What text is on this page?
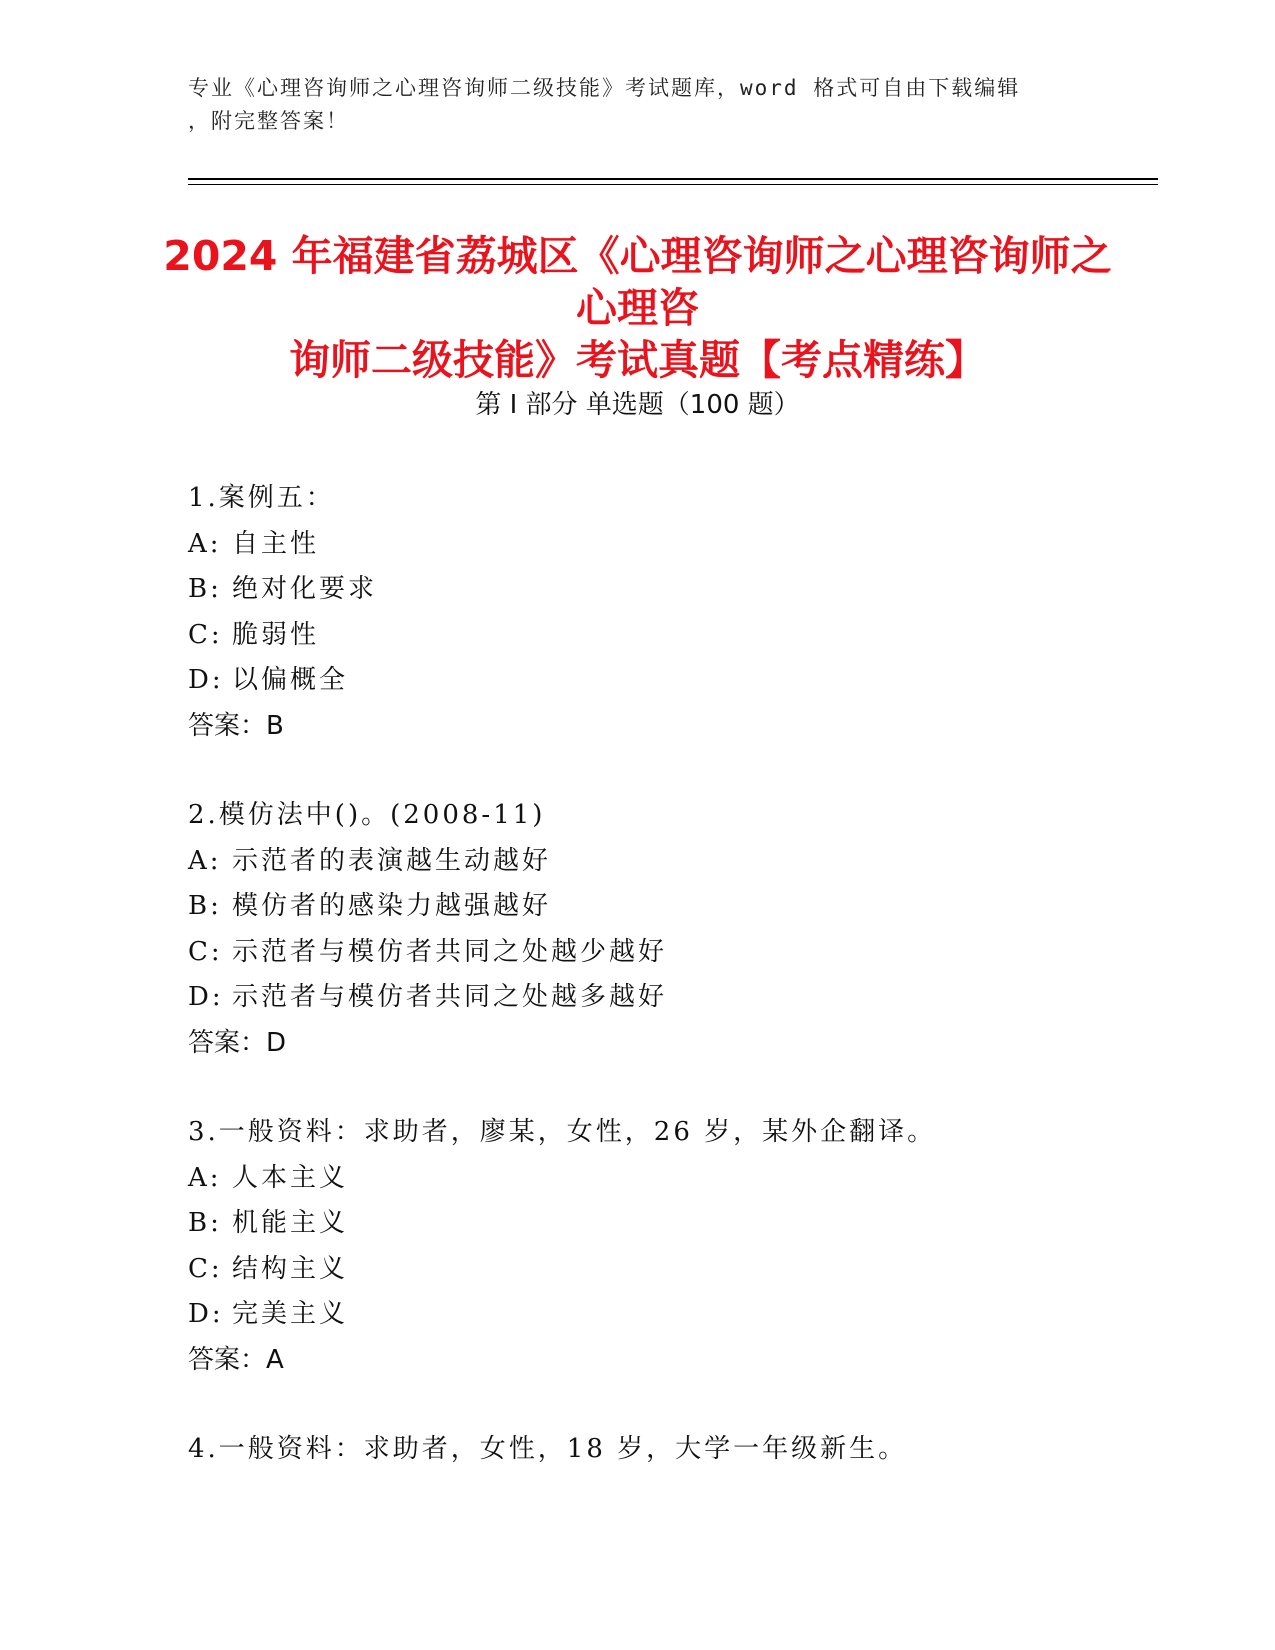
专业《心理咨询师之心理咨询师二级技能》考试题库，word 格式可自由下载编辑
，附完整答案！
2024 年福建省荔城区《心理咨询师之心理咨询师之心理咨
询师二级技能》考试真题【考点精练】
第 I 部分 单选题（100 题）
1.案例五：
A: 自主性
B: 绝对化要求
C: 脆弱性
D: 以偏概全
答案：B
2.模仿法中()。(2008-11)
A: 示范者的表演越生动越好
B: 模仿者的感染力越强越好
C: 示范者与模仿者共同之处越少越好
D: 示范者与模仿者共同之处越多越好
答案：D
3.一般资料：求助者，廖某，女性，26 岁，某外企翻译。
A: 人本主义
B: 机能主义
C: 结构主义
D: 完美主义
答案：A
4.一般资料：求助者，女性，18 岁，大学一年级新生。
